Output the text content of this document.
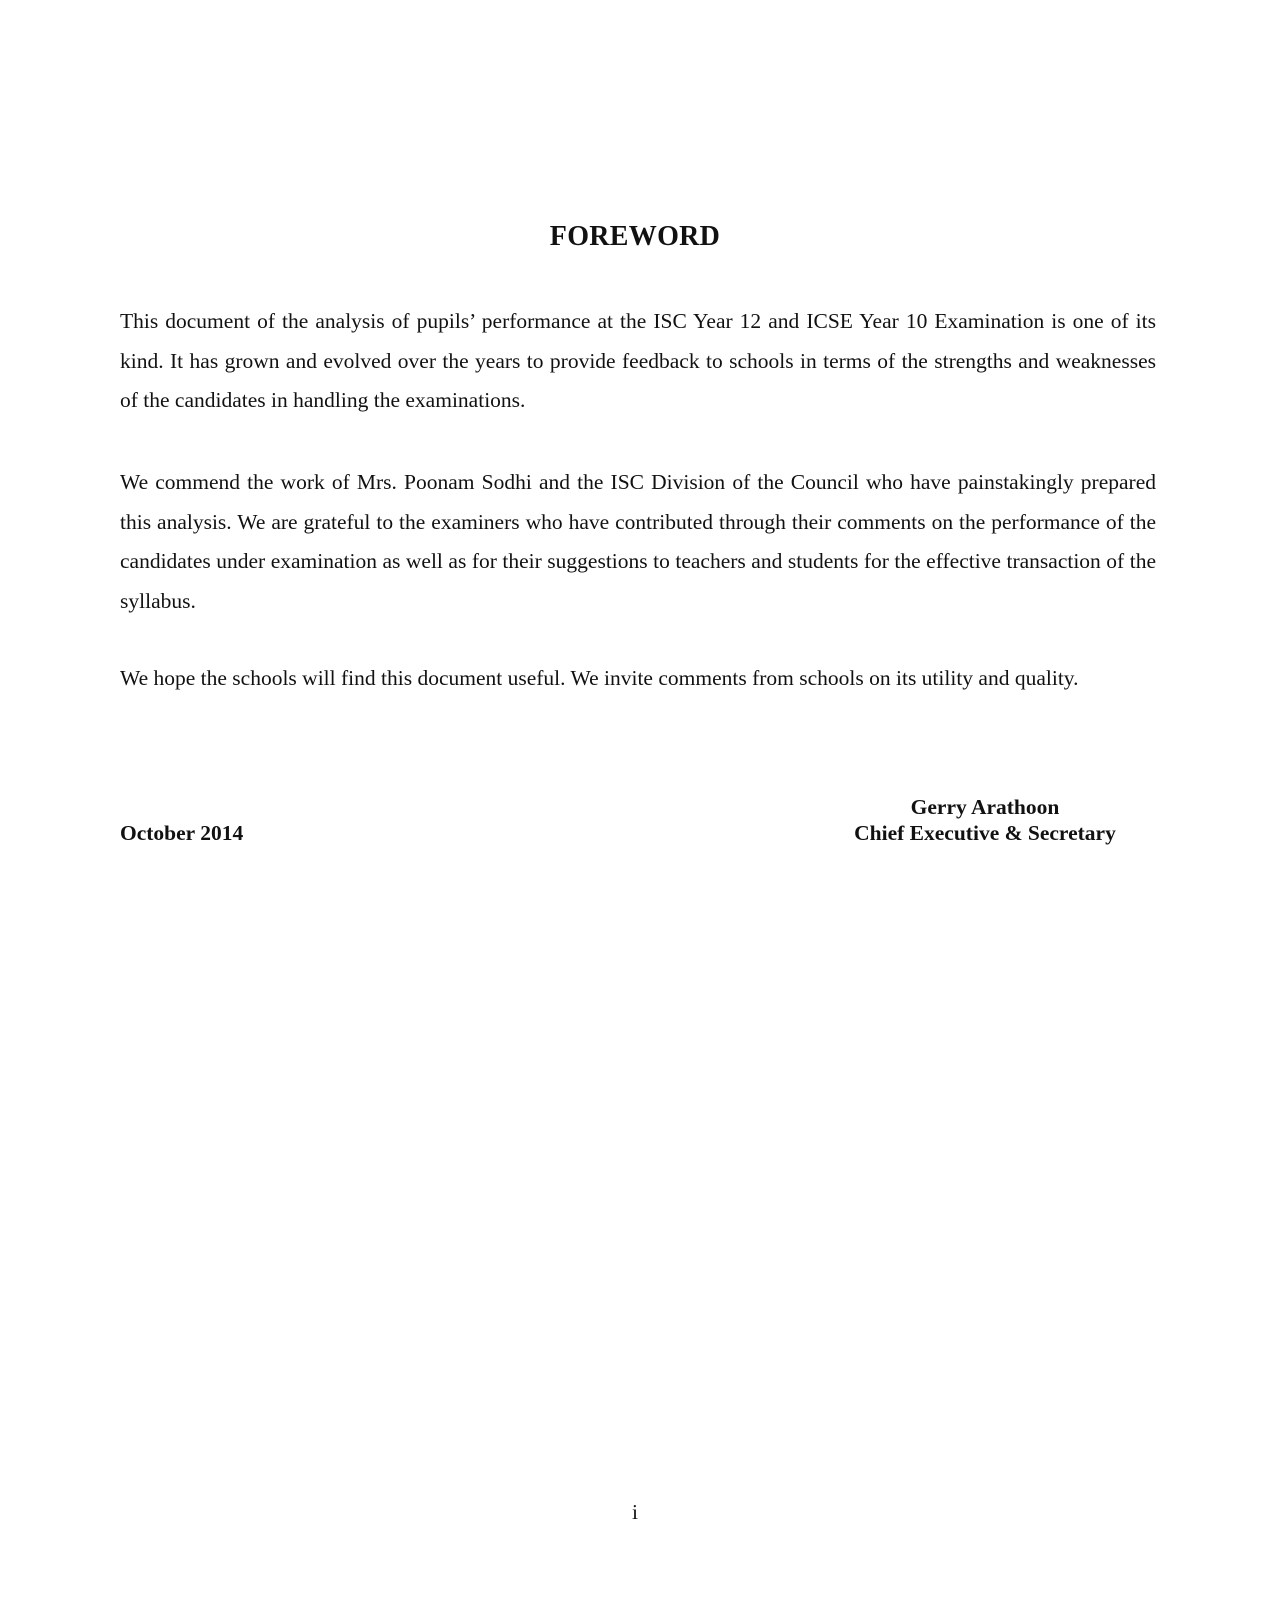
FOREWORD

This document of the analysis of pupils’ performance at the ISC Year 12 and ICSE Year 10 Examination is one of its kind. It has grown and evolved over the years to provide feedback to schools in terms of the strengths and weaknesses of the candidates in handling the examinations.

We commend the work of Mrs. Poonam Sodhi and the ISC Division of the Council who have painstakingly prepared this analysis. We are grateful to the examiners who have contributed through their comments on the performance of the candidates under examination as well as for their suggestions to teachers and students for the effective transaction of the syllabus.

We hope the schools will find this document useful. We invite comments from schools on its utility and quality.

Gerry Arathoon
October 2014	Chief Executive & Secretary
i
